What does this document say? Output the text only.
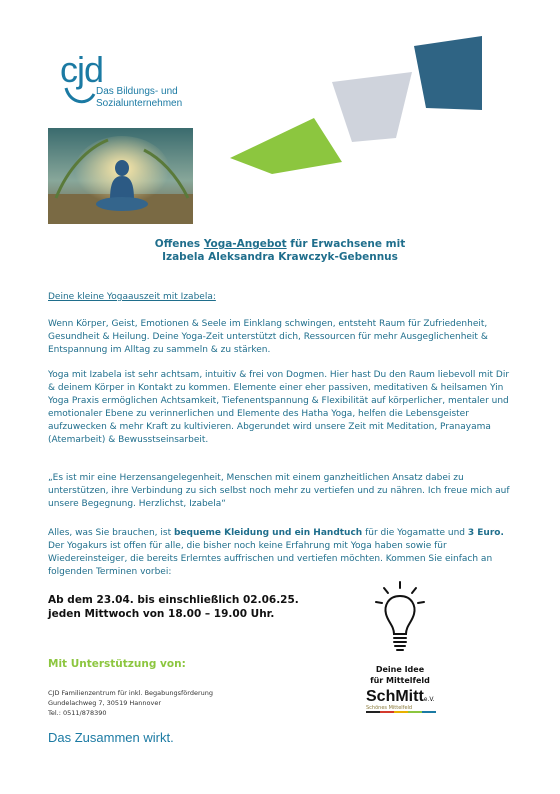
cjd
Das Bildungs- und
Sozialunternehmen
Offenes Yoga-Angebot für Erwachsene mit
Izabela Aleksandra Krawczyk-Gebennus

Deine kleine Yogaauszeit mit Izabela:

Wenn Körper, Geist, Emotionen & Seele im Einklang schwingen, entsteht Raum für Zufriedenheit, Gesundheit & Heilung. Deine Yoga-Zeit unterstützt dich, Ressourcen für mehr Ausgeglichenheit & Entspannung im Alltag zu sammeln & zu stärken.

Yoga mit Izabela ist sehr achtsam, intuitiv & frei von Dogmen. Hier hast Du den Raum liebevoll mit Dir & deinem Körper in Kontakt zu kommen. Elemente einer eher passiven, meditativen & heilsamen Yin Yoga Praxis ermöglichen Achtsamkeit, Tiefenentspannung & Flexibilität auf körperlicher, mentaler und emotionaler Ebene zu verinnerlichen und Elemente des Hatha Yoga, helfen die Lebensgeister aufzuwecken & mehr Kraft zu kultivieren. Abgerundet wird unsere Zeit mit Meditation, Pranayama (Atemarbeit) & Bewusstseinsarbeit.

„Es ist mir eine Herzensangelegenheit, Menschen mit einem ganzheitlichen Ansatz dabei zu unterstützen, ihre Verbindung zu sich selbst noch mehr zu vertiefen und zu nähren. Ich freue mich auf unsere Begegnung. Herzlichst, Izabela“

Alles, was Sie brauchen, ist bequeme Kleidung und ein Handtuch für die Yogamatte und 3 Euro. Der Yogakurs ist offen für alle, die bisher noch keine Erfahrung mit Yoga haben sowie für Wiedereinsteiger, die bereits Erlerntes auffrischen und vertiefen möchten. Kommen Sie einfach an folgenden Terminen vorbei:

Ab dem 23.04. bis einschließlich 02.06.25.
jeden Mittwoch von 18.00 – 19.00 Uhr.
Deine Idee
für Mittelfeld
SchMitte.V.
Schönes Mittelfeld
Mit Unterstützung von:
CJD Familienzentrum für inkl. Begabungsförderung
Gundelachweg 7, 30519 Hannover
Tel.: 0511/878390
Das Zusammen wirkt.
